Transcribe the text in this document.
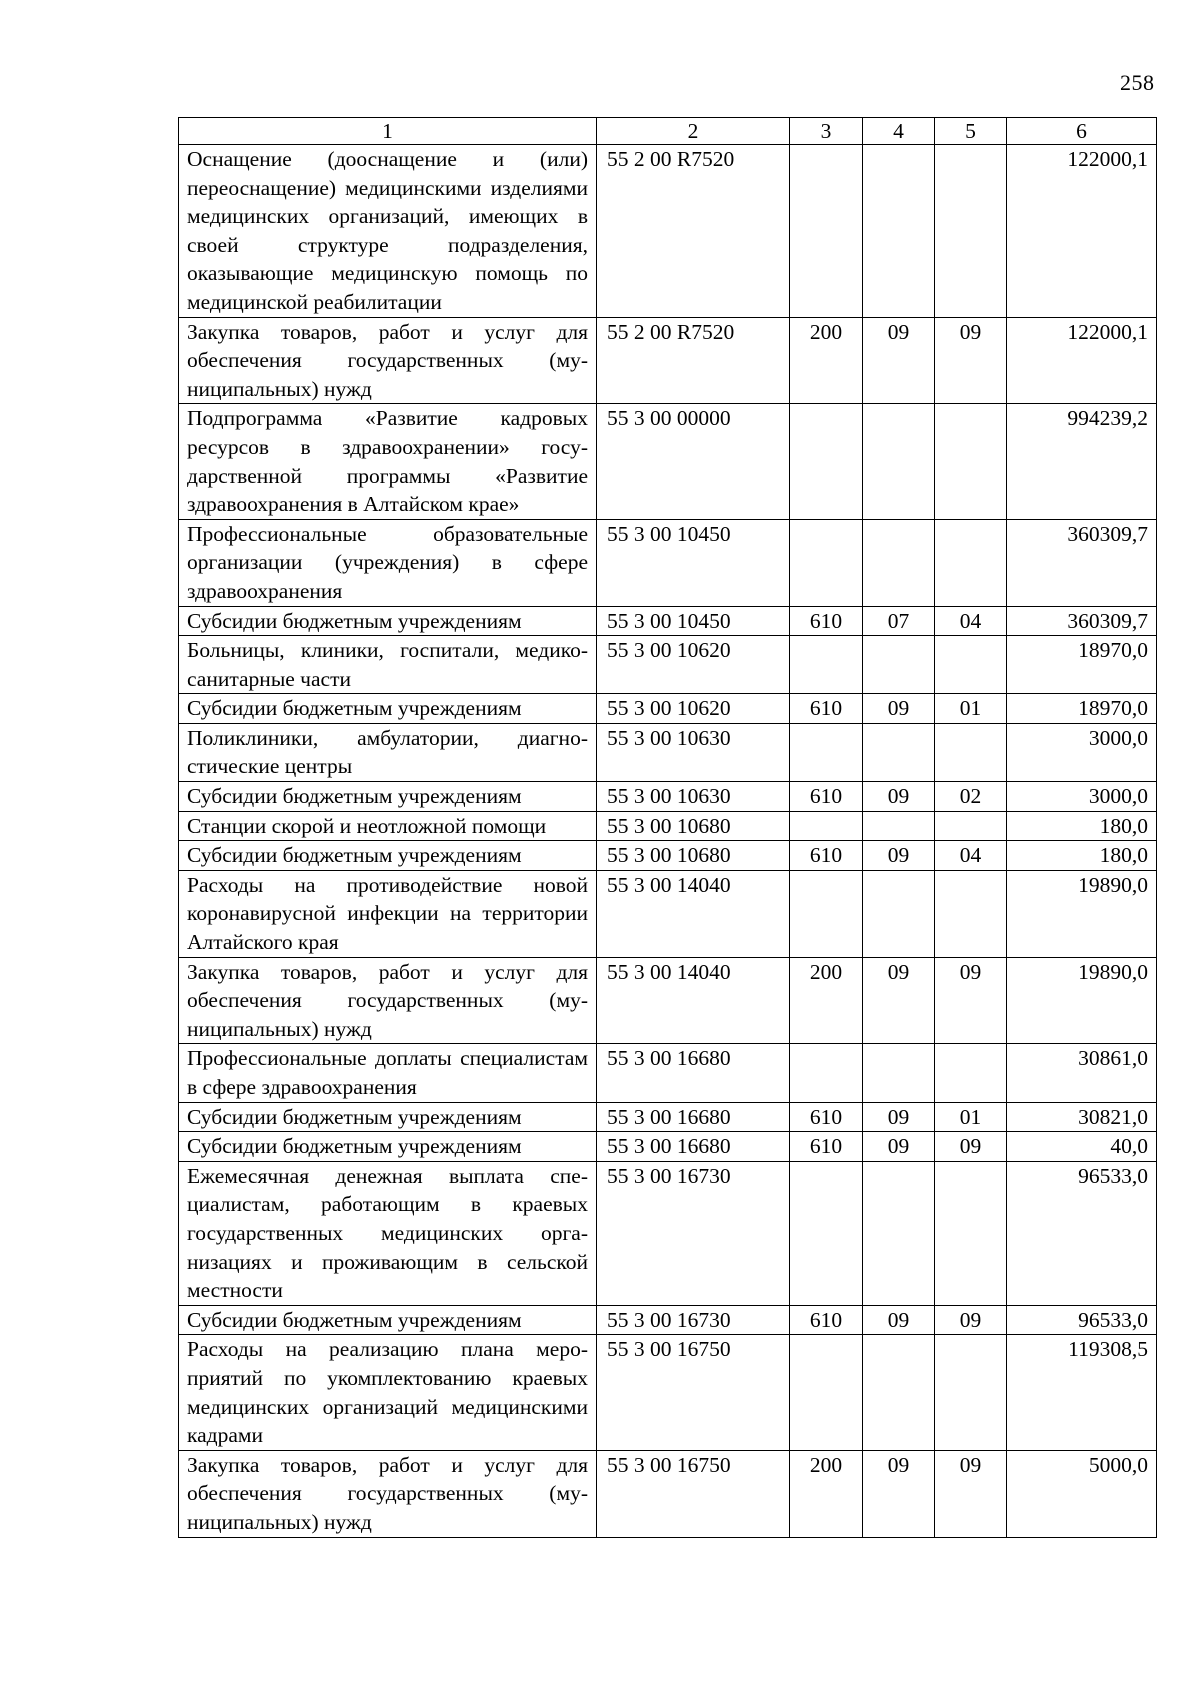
258
1	2	3	4	5	6
Оснащение (дооснащение и (или) переоснащение) медицинскими изделиями медицинских организаций, имеющих в своей структуре подразделения, оказывающие медицинскую помощь по медицинской реабилитации	55 2 00 R7520				122000,1
Закупка товаров, работ и услуг для обеспечения государственных (муниципальных) нужд	55 2 00 R7520	200	09	09	122000,1
Подпрограмма «Развитие кадровых ресурсов в здравоохранении» государственной программы «Развитие здравоохранения в Алтайском крае»	55 3 00 00000				994239,2
Профессиональные образовательные организации (учреждения) в сфере здравоохранения	55 3 00 10450				360309,7
Субсидии бюджетным учреждениям	55 3 00 10450	610	07	04	360309,7
Больницы, клиники, госпитали, медико-санитарные части	55 3 00 10620				18970,0
Субсидии бюджетным учреждениям	55 3 00 10620	610	09	01	18970,0
Поликлиники, амбулатории, диагностические центры	55 3 00 10630				3000,0
Субсидии бюджетным учреждениям	55 3 00 10630	610	09	02	3000,0
Станции скорой и неотложной помощи	55 3 00 10680				180,0
Субсидии бюджетным учреждениям	55 3 00 10680	610	09	04	180,0
Расходы на противодействие новой коронавирусной инфекции на территории Алтайского края	55 3 00 14040				19890,0
Закупка товаров, работ и услуг для обеспечения государственных (муниципальных) нужд	55 3 00 14040	200	09	09	19890,0
Профессиональные доплаты специалистам в сфере здравоохранения	55 3 00 16680				30861,0
Субсидии бюджетным учреждениям	55 3 00 16680	610	09	01	30821,0
Субсидии бюджетным учреждениям	55 3 00 16680	610	09	09	40,0
Ежемесячная денежная выплата специалистам, работающим в краевых государственных медицинских организациях и проживающим в сельской местности	55 3 00 16730				96533,0
Субсидии бюджетным учреждениям	55 3 00 16730	610	09	09	96533,0
Расходы на реализацию плана мероприятий по укомплектованию краевых медицинских организаций медицинскими кадрами	55 3 00 16750				119308,5
Закупка товаров, работ и услуг для обеспечения государственных (муниципальных) нужд	55 3 00 16750	200	09	09	5000,0
